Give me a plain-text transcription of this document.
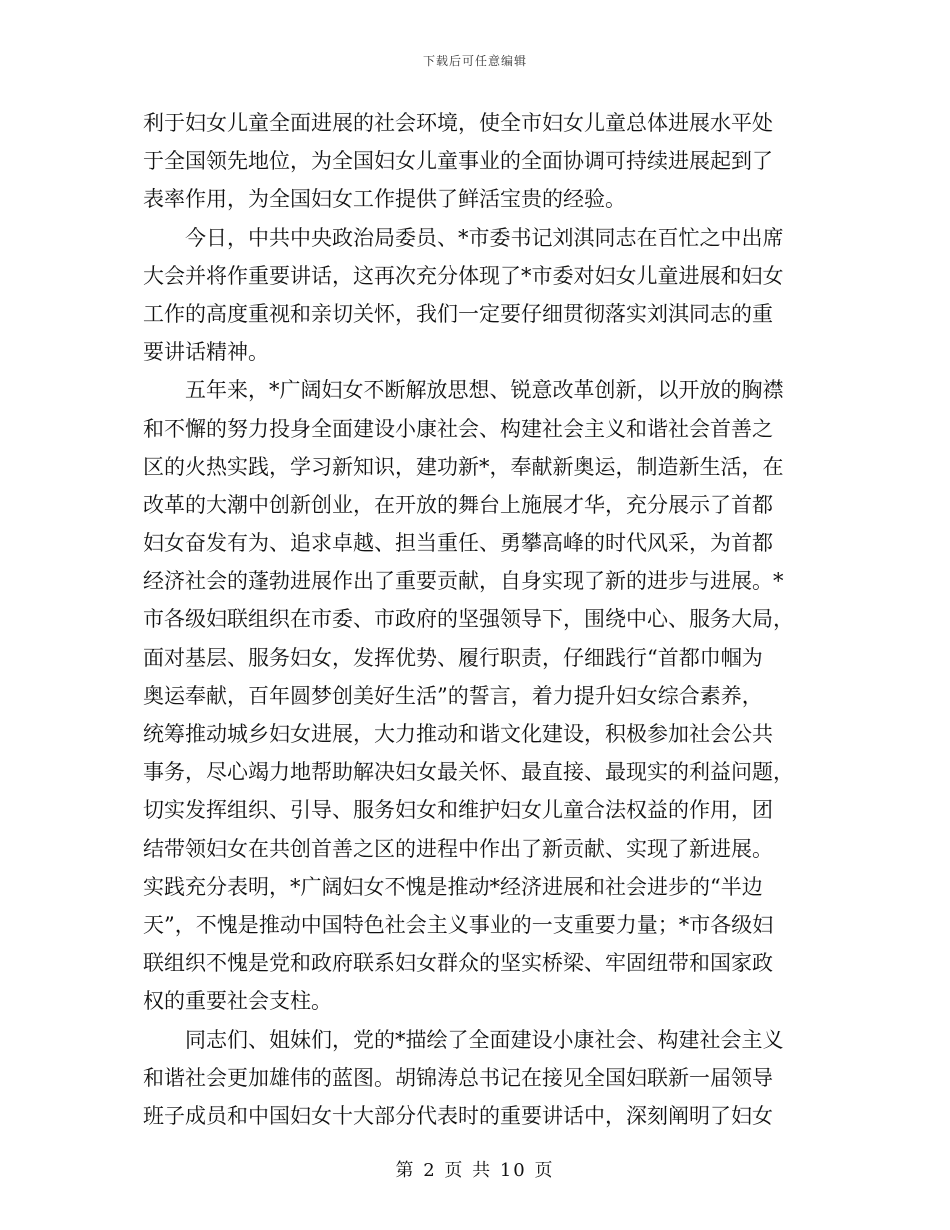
下载后可任意编辑
利于妇女儿童全面进展的社会环境，使全市妇女儿童总体进展水平处
于全国领先地位，为全国妇女儿童事业的全面协调可持续进展起到了
表率作用，为全国妇女工作提供了鲜活宝贵的经验。
今日，中共中央政治局委员、*市委书记刘淇同志在百忙之中出席
大会并将作重要讲话，这再次充分体现了*市委对妇女儿童进展和妇女
工作的高度重视和亲切关怀，我们一定要仔细贯彻落实刘淇同志的重
要讲话精神。
五年来，*广阔妇女不断解放思想、锐意改革创新，以开放的胸襟
和不懈的努力投身全面建设小康社会、构建社会主义和谐社会首善之
区的火热实践，学习新知识，建功新*，奉献新奥运，制造新生活，在
改革的大潮中创新创业，在开放的舞台上施展才华，充分展示了首都
妇女奋发有为、追求卓越、担当重任、勇攀高峰的时代风采，为首都
经济社会的蓬勃进展作出了重要贡献，自身实现了新的进步与进展。*
市各级妇联组织在市委、市政府的坚强领导下，围绕中心、服务大局，
面对基层、服务妇女，发挥优势、履行职责，仔细践行“首都巾帼为
奥运奉献，百年圆梦创美好生活”的誓言，着力提升妇女综合素养，
统筹推动城乡妇女进展，大力推动和谐文化建设，积极参加社会公共
事务，尽心竭力地帮助解决妇女最关怀、最直接、最现实的利益问题，
切实发挥组织、引导、服务妇女和维护妇女儿童合法权益的作用，团
结带领妇女在共创首善之区的进程中作出了新贡献、实现了新进展。
实践充分表明，*广阔妇女不愧是推动*经济进展和社会进步的“半边
天”，不愧是推动中国特色社会主义事业的一支重要力量；*市各级妇
联组织不愧是党和政府联系妇女群众的坚实桥梁、牢固纽带和国家政
权的重要社会支柱。
同志们、姐妹们，党的*描绘了全面建设小康社会、构建社会主义
和谐社会更加雄伟的蓝图。胡锦涛总书记在接见全国妇联新一届领导
班子成员和中国妇女十大部分代表时的重要讲话中，深刻阐明了妇女
第 2 页 共 10 页
